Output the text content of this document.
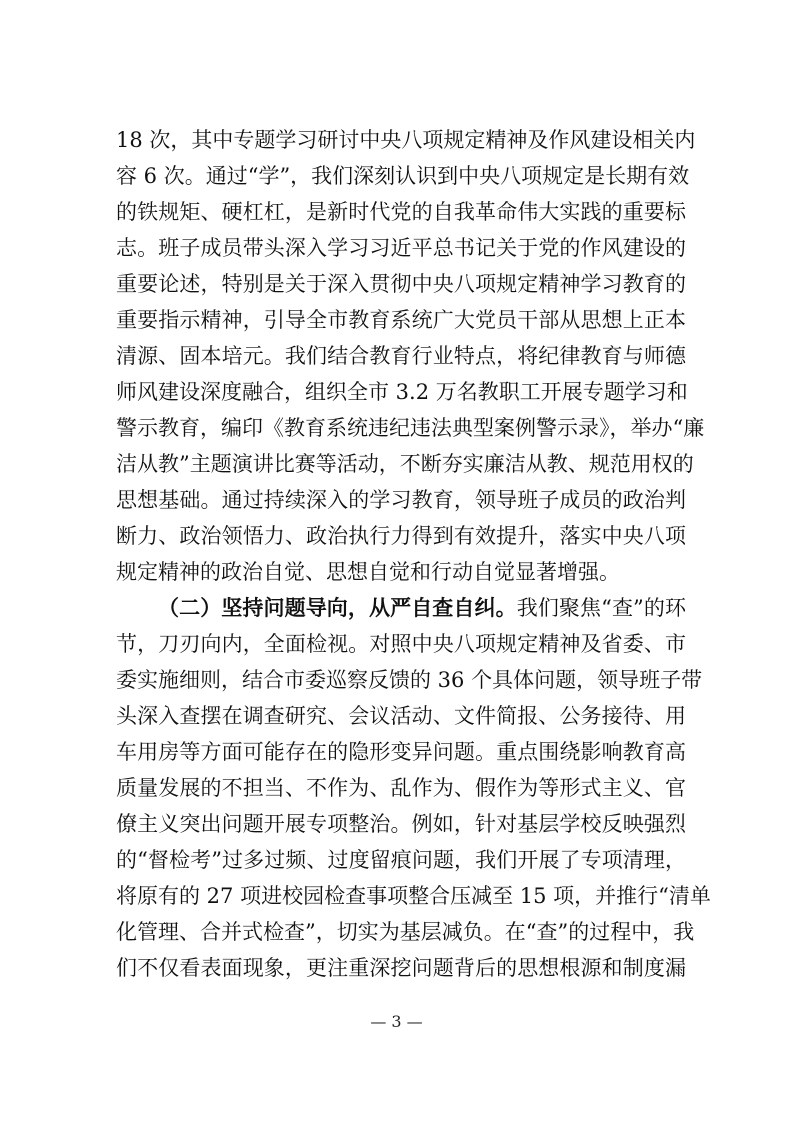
18 次，其中专题学习研讨中央八项规定精神及作风建设相关内
容 6 次。通过“学”，我们深刻认识到中央八项规定是长期有效
的铁规矩、硬杠杠，是新时代党的自我革命伟大实践的重要标
志。班子成员带头深入学习习近平总书记关于党的作风建设的
重要论述，特别是关于深入贯彻中央八项规定精神学习教育的
重要指示精神，引导全市教育系统广大党员干部从思想上正本
清源、固本培元。我们结合教育行业特点，将纪律教育与师德
师风建设深度融合，组织全市 3.2 万名教职工开展专题学习和
警示教育，编印《教育系统违纪违法典型案例警示录》，举办“廉
洁从教”主题演讲比赛等活动，不断夯实廉洁从教、规范用权的
思想基础。通过持续深入的学习教育，领导班子成员的政治判
断力、政治领悟力、政治执行力得到有效提升，落实中央八项
规定精神的政治自觉、思想自觉和行动自觉显著增强。
（二）坚持问题导向，从严自查自纠。我们聚焦“查”的环
节，刀刃向内，全面检视。对照中央八项规定精神及省委、市
委实施细则，结合市委巡察反馈的 36 个具体问题，领导班子带
头深入查摆在调查研究、会议活动、文件简报、公务接待、用
车用房等方面可能存在的隐形变异问题。重点围绕影响教育高
质量发展的不担当、不作为、乱作为、假作为等形式主义、官
僚主义突出问题开展专项整治。例如，针对基层学校反映强烈
的“督检考”过多过频、过度留痕问题，我们开展了专项清理，
将原有的 27 项进校园检查事项整合压减至 15 项，并推行“清单
化管理、合并式检查”，切实为基层减负。在“查”的过程中，我
们不仅看表面现象，更注重深挖问题背后的思想根源和制度漏
— 3 —
